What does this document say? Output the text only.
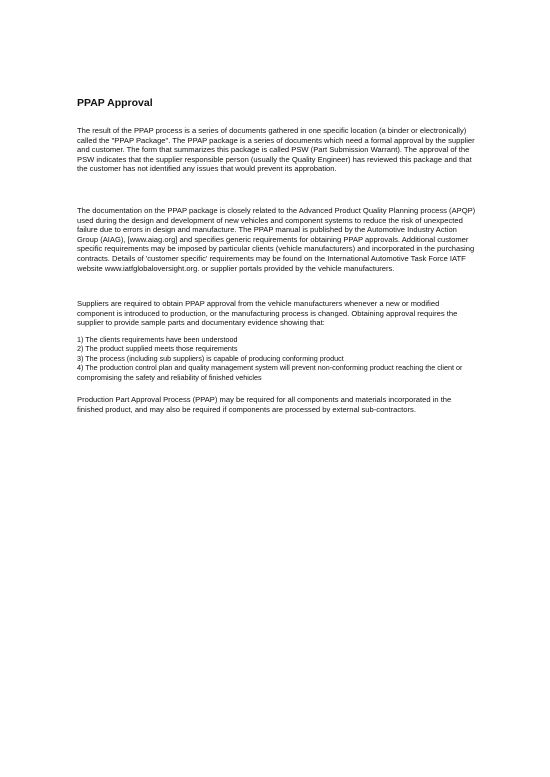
PPAP Approval

The result of the PPAP process is a series of documents gathered in one specific location (a binder or electronically) called the "PPAP Package". The PPAP package is a series of documents which need a formal approval by the supplier and customer. The form that summarizes this package is called PSW (Part Submission Warrant). The approval of the PSW indicates that the supplier responsible person (usually the Quality Engineer) has reviewed this package and that the customer has not identified any issues that would prevent its approbation.

The documentation on the PPAP package is closely related to the Advanced Product Quality Planning process (APQP) used during the design and development of new vehicles and component systems to reduce the risk of unexpected failure due to errors in design and manufacture. The PPAP manual is published by the Automotive Industry Action Group (AIAG), [www.aiag.org] and specifies generic requirements for obtaining PPAP approvals. Additional customer specific requirements may be imposed by particular clients (vehicle manufacturers) and incorporated in the purchasing contracts. Details of 'customer specific' requirements may be found on the International Automotive Task Force IATF website www.iatfglobaloversight.org. or supplier portals provided by the vehicle manufacturers.

Suppliers are required to obtain PPAP approval from the vehicle manufacturers whenever a new or modified component is introduced to production, or the manufacturing process is changed. Obtaining approval requires the supplier to provide sample parts and documentary evidence showing that:

1) The clients requirements have been understood

2) The product supplied meets those requirements

3) The process (including sub suppliers) is capable of producing conforming product

4) The production control plan and quality management system will prevent non-conforming product reaching the client or compromising the safety and reliability of finished vehicles

Production Part Approval Process (PPAP) may be required for all components and materials incorporated in the finished product, and may also be required if components are processed by external sub-contractors.
